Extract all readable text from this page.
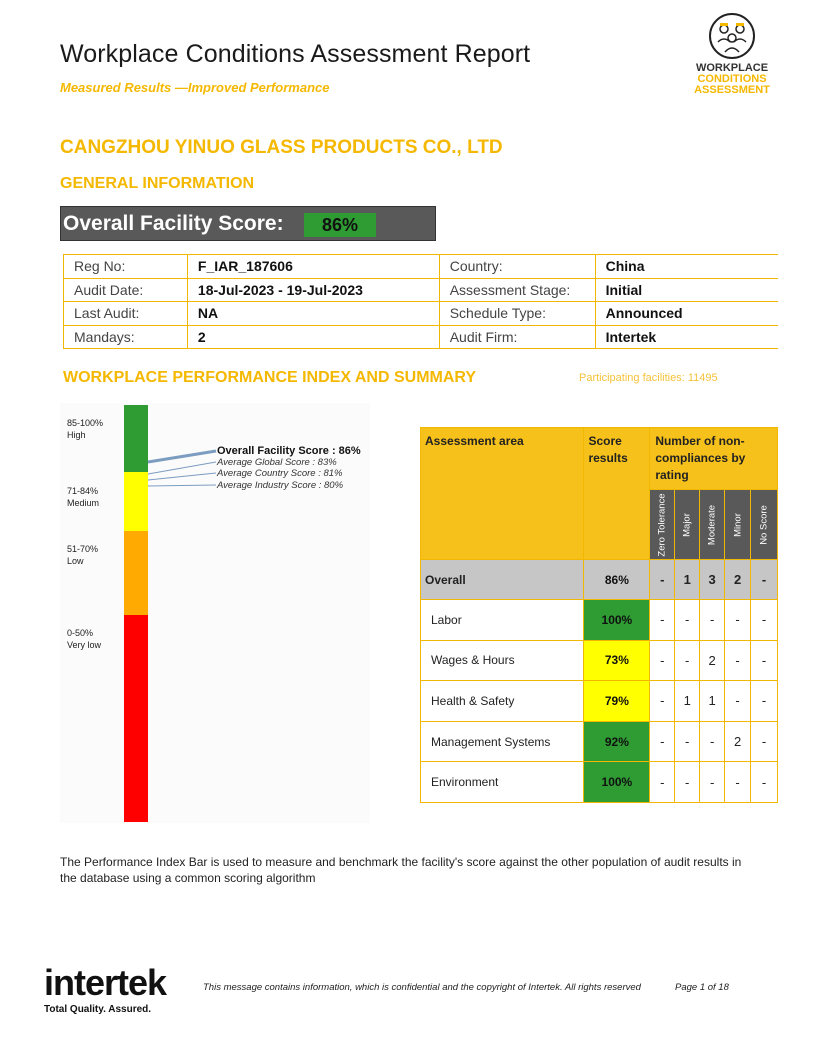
Workplace Conditions Assessment Report
Measured Results —Improved Performance
WORKPLACE
CONDITIONS
ASSESSMENT
CANGZHOU YINUO GLASS PRODUCTS CO., LTD
GENERAL INFORMATION
Overall Facility Score:	86%
Reg No:	F_IAR_187606	Country:	China
Audit Date:	18-Jul-2023 - 19-Jul-2023	Assessment Stage:	Initial
Last Audit:	NA	Schedule Type:	Announced
Mandays:	2	Audit Firm:	Intertek
WORKPLACE PERFORMANCE INDEX AND SUMMARY	Participating facilities: 11495
85-100%
High
71-84%
Medium
51-70%
Low
0-50%
Very low
Overall Facility Score : 86%
Average Global Score : 83%
Average Country Score : 81%
Average Industry Score : 80%
Assessment area	Score results	Number of non-compliances by rating				

		Zero Tolerance	Major	Moderate	Minor	No Score

Overall	86%	-	1	3	2	-
Labor	100%	-	-	-	-	-
Wages & Hours	73%	-	-	2	-	-
Health & Safety	79%	-	1	1	-	-
Management Systems	92%	-	-	-	2	-
Environment	100%	-	-	-	-	-
The Performance Index Bar is used to measure and benchmark the facility's score against the other population of audit results in the database using a common scoring algorithm
intertek
Total Quality. Assured.
This message contains information, which is confidential and the copyright of Intertek. All rights reserved	Page 1 of 18
